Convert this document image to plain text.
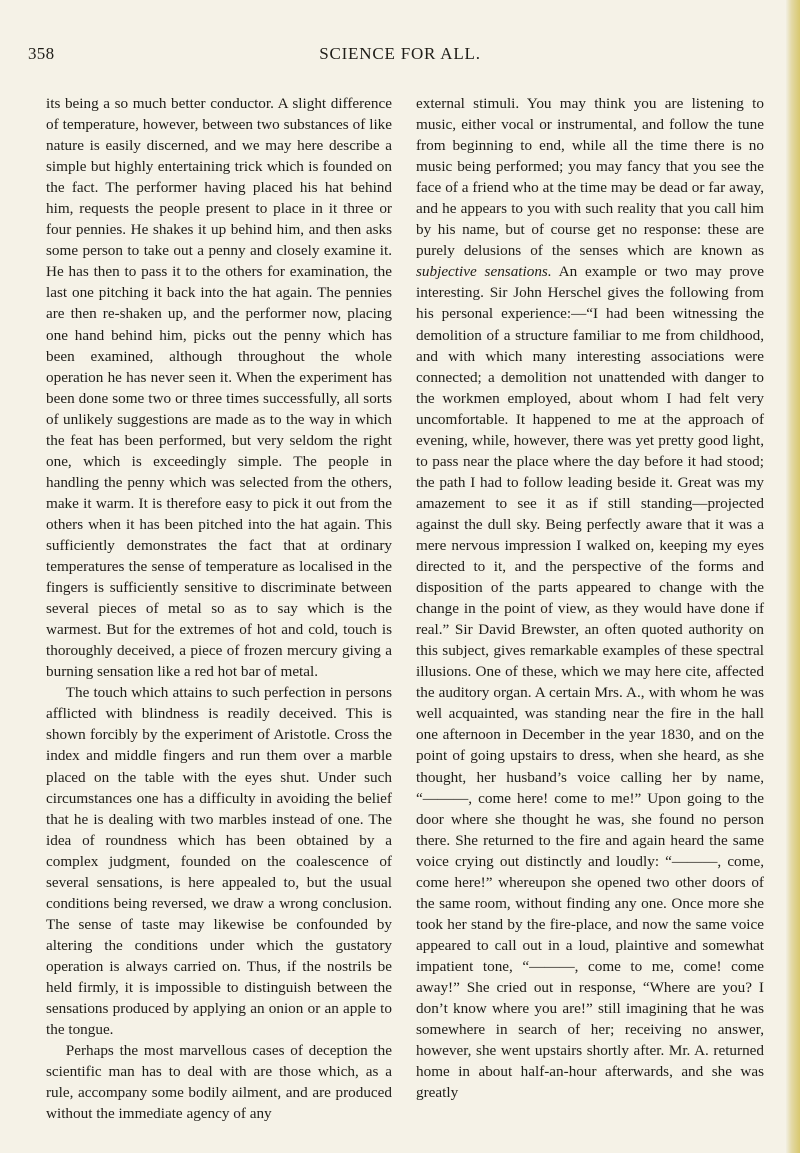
358	SCIENCE FOR ALL.

its being a so much better conductor. A slight difference of temperature, however, between two substances of like nature is easily discerned, and we may here describe a simple but highly entertaining trick which is founded on the fact. The performer having placed his hat behind him, requests the people present to place in it three or four pennies. He shakes it up behind him, and then asks some person to take out a penny and closely examine it. He has then to pass it to the others for examination, the last one pitching it back into the hat again. The pennies are then re-shaken up, and the performer now, placing one hand behind him, picks out the penny which has been examined, although throughout the whole operation he has never seen it. When the experiment has been done some two or three times successfully, all sorts of unlikely suggestions are made as to the way in which the feat has been performed, but very seldom the right one, which is exceedingly simple. The people in handling the penny which was selected from the others, make it warm. It is therefore easy to pick it out from the others when it has been pitched into the hat again. This sufficiently demonstrates the fact that at ordinary temperatures the sense of temperature as localised in the fingers is sufficiently sensitive to discriminate between several pieces of metal so as to say which is the warmest. But for the extremes of hot and cold, touch is thoroughly deceived, a piece of frozen mercury giving a burning sensation like a red hot bar of metal.

The touch which attains to such perfection in persons afflicted with blindness is readily deceived. This is shown forcibly by the experiment of Aristotle. Cross the index and middle fingers and run them over a marble placed on the table with the eyes shut. Under such circumstances one has a difficulty in avoiding the belief that he is dealing with two marbles instead of one. The idea of roundness which has been obtained by a complex judgment, founded on the coalescence of several sensations, is here appealed to, but the usual conditions being reversed, we draw a wrong conclusion. The sense of taste may likewise be confounded by altering the conditions under which the gustatory operation is always carried on. Thus, if the nostrils be held firmly, it is impossible to distinguish between the sensations produced by applying an onion or an apple to the tongue.

Perhaps the most marvellous cases of deception the scientific man has to deal with are those which, as a rule, accompany some bodily ailment, and are produced without the immediate agency of any

external stimuli. You may think you are listening to music, either vocal or instrumental, and follow the tune from beginning to end, while all the time there is no music being performed; you may fancy that you see the face of a friend who at the time may be dead or far away, and he appears to you with such reality that you call him by his name, but of course get no response: these are purely delusions of the senses which are known as subjective sensations. An example or two may prove interesting. Sir John Herschel gives the following from his personal experience:—“I had been witnessing the demolition of a structure familiar to me from childhood, and with which many interesting associations were connected; a demolition not unattended with danger to the workmen employed, about whom I had felt very uncomfortable. It happened to me at the approach of evening, while, however, there was yet pretty good light, to pass near the place where the day before it had stood; the path I had to follow leading beside it. Great was my amazement to see it as if still standing—projected against the dull sky. Being perfectly aware that it was a mere nervous impression I walked on, keeping my eyes directed to it, and the perspective of the forms and disposition of the parts appeared to change with the change in the point of view, as they would have done if real.” Sir David Brewster, an often quoted authority on this subject, gives remarkable examples of these spectral illusions. One of these, which we may here cite, affected the auditory organ. A certain Mrs. A., with whom he was well acquainted, was standing near the fire in the hall one afternoon in December in the year 1830, and on the point of going upstairs to dress, when she heard, as she thought, her husband’s voice calling her by name, “———, come here! come to me!” Upon going to the door where she thought he was, she found no person there. She returned to the fire and again heard the same voice crying out distinctly and loudly: “———, come, come here!” whereupon she opened two other doors of the same room, without finding any one. Once more she took her stand by the fire-place, and now the same voice appeared to call out in a loud, plaintive and somewhat impatient tone, “———, come to me, come! come away!” She cried out in response, “Where are you? I don’t know where you are!” still imagining that he was somewhere in search of her; receiving no answer, however, she went upstairs shortly after. Mr. A. returned home in about half-an-hour afterwards, and she was greatly
